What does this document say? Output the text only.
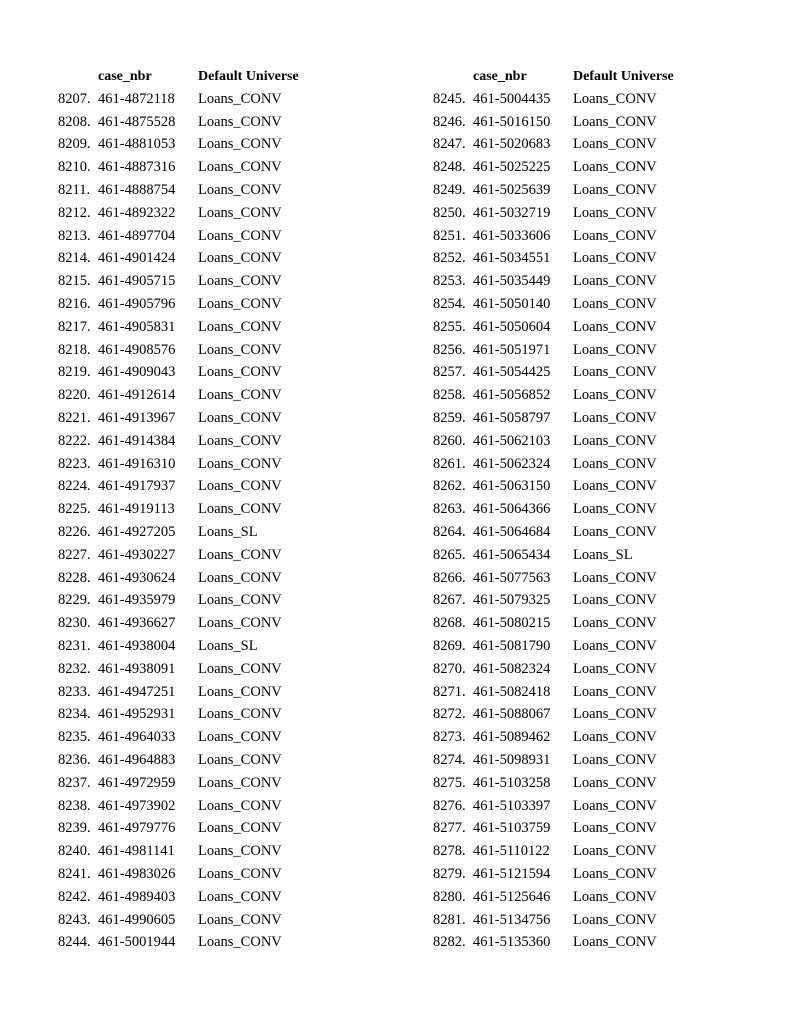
case_nbr	Default Universe
8207. 461-4872118	Loans_CONV
8208. 461-4875528	Loans_CONV
8209. 461-4881053	Loans_CONV
8210. 461-4887316	Loans_CONV
8211. 461-4888754	Loans_CONV
8212. 461-4892322	Loans_CONV
8213. 461-4897704	Loans_CONV
8214. 461-4901424	Loans_CONV
8215. 461-4905715	Loans_CONV
8216. 461-4905796	Loans_CONV
8217. 461-4905831	Loans_CONV
8218. 461-4908576	Loans_CONV
8219. 461-4909043	Loans_CONV
8220. 461-4912614	Loans_CONV
8221. 461-4913967	Loans_CONV
8222. 461-4914384	Loans_CONV
8223. 461-4916310	Loans_CONV
8224. 461-4917937	Loans_CONV
8225. 461-4919113	Loans_CONV
8226. 461-4927205	Loans_SL
8227. 461-4930227	Loans_CONV
8228. 461-4930624	Loans_CONV
8229. 461-4935979	Loans_CONV
8230. 461-4936627	Loans_CONV
8231. 461-4938004	Loans_SL
8232. 461-4938091	Loans_CONV
8233. 461-4947251	Loans_CONV
8234. 461-4952931	Loans_CONV
8235. 461-4964033	Loans_CONV
8236. 461-4964883	Loans_CONV
8237. 461-4972959	Loans_CONV
8238. 461-4973902	Loans_CONV
8239. 461-4979776	Loans_CONV
8240. 461-4981141	Loans_CONV
8241. 461-4983026	Loans_CONV
8242. 461-4989403	Loans_CONV
8243. 461-4990605	Loans_CONV
8244. 461-5001944	Loans_CONV
case_nbr	Default Universe
8245. 461-5004435	Loans_CONV
8246. 461-5016150	Loans_CONV
8247. 461-5020683	Loans_CONV
8248. 461-5025225	Loans_CONV
8249. 461-5025639	Loans_CONV
8250. 461-5032719	Loans_CONV
8251. 461-5033606	Loans_CONV
8252. 461-5034551	Loans_CONV
8253. 461-5035449	Loans_CONV
8254. 461-5050140	Loans_CONV
8255. 461-5050604	Loans_CONV
8256. 461-5051971	Loans_CONV
8257. 461-5054425	Loans_CONV
8258. 461-5056852	Loans_CONV
8259. 461-5058797	Loans_CONV
8260. 461-5062103	Loans_CONV
8261. 461-5062324	Loans_CONV
8262. 461-5063150	Loans_CONV
8263. 461-5064366	Loans_CONV
8264. 461-5064684	Loans_CONV
8265. 461-5065434	Loans_SL
8266. 461-5077563	Loans_CONV
8267. 461-5079325	Loans_CONV
8268. 461-5080215	Loans_CONV
8269. 461-5081790	Loans_CONV
8270. 461-5082324	Loans_CONV
8271. 461-5082418	Loans_CONV
8272. 461-5088067	Loans_CONV
8273. 461-5089462	Loans_CONV
8274. 461-5098931	Loans_CONV
8275. 461-5103258	Loans_CONV
8276. 461-5103397	Loans_CONV
8277. 461-5103759	Loans_CONV
8278. 461-5110122	Loans_CONV
8279. 461-5121594	Loans_CONV
8280. 461-5125646	Loans_CONV
8281. 461-5134756	Loans_CONV
8282. 461-5135360	Loans_CONV
